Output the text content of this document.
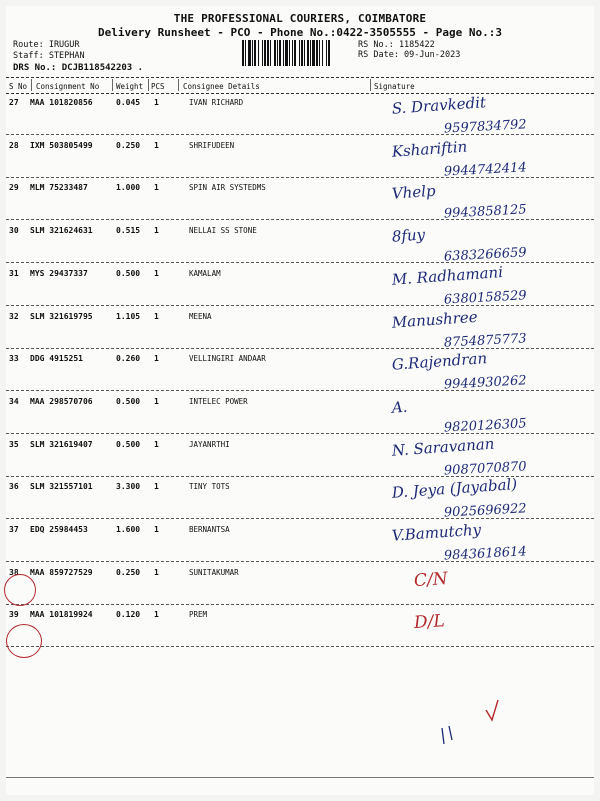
THE PROFESSIONAL COURIERS, COIMBATORE
Delivery Runsheet - PCO - Phone No.:0422-3505555 - Page No.:3
Route: IRUGUR
Staff: STEPHAN
DRS No.: DCJB118542203 .
RS No.: 1185422
RS Date: 09-Jun-2023
S No Consignment No Weight PCS Consignee Details	Signature
27 MAA 101820856	0.045 1	IVAN RICHARD	S. Dravkedit
9597834792
28 IXM 503805499	0.250 1	SHRIFUDEEN	Kshariftin
9944742414
29 MLM 75233487	1.000 1	SPIN AIR SYSTEDMS	Vhelp
9943858125
30 SLM 321624631	0.515 1	NELLAI SS STONE	8fuy
6383266659
31 MYS 29437337	0.500 1	KAMALAM	M. Radhamani
6380158529
32 SLM 321619795	1.105 1	MEENA	Manushree
8754875773
33 DDG 4915251	0.260 1	VELLINGIRI ANDAAR	G.Rajendran
9944930262
34 MAA 298570706	0.500 1	INTELEC POWER	A.
9820126305
35 SLM 321619407	0.500 1	JAYANRTHI	N. Saravanan
9087070870
36 SLM 321557101	3.300 1	TINY TOTS	D. Jeya (Jayabal)
9025696922
37 EDQ 25984453	1.600 1	BERNANTSA	V.Bamutchy
9843618614
38 MAA 859727529	0.250 1	SUNITAKUMAR	C/N
39 MAA 101819924	0.120 1	PREM	D/L
